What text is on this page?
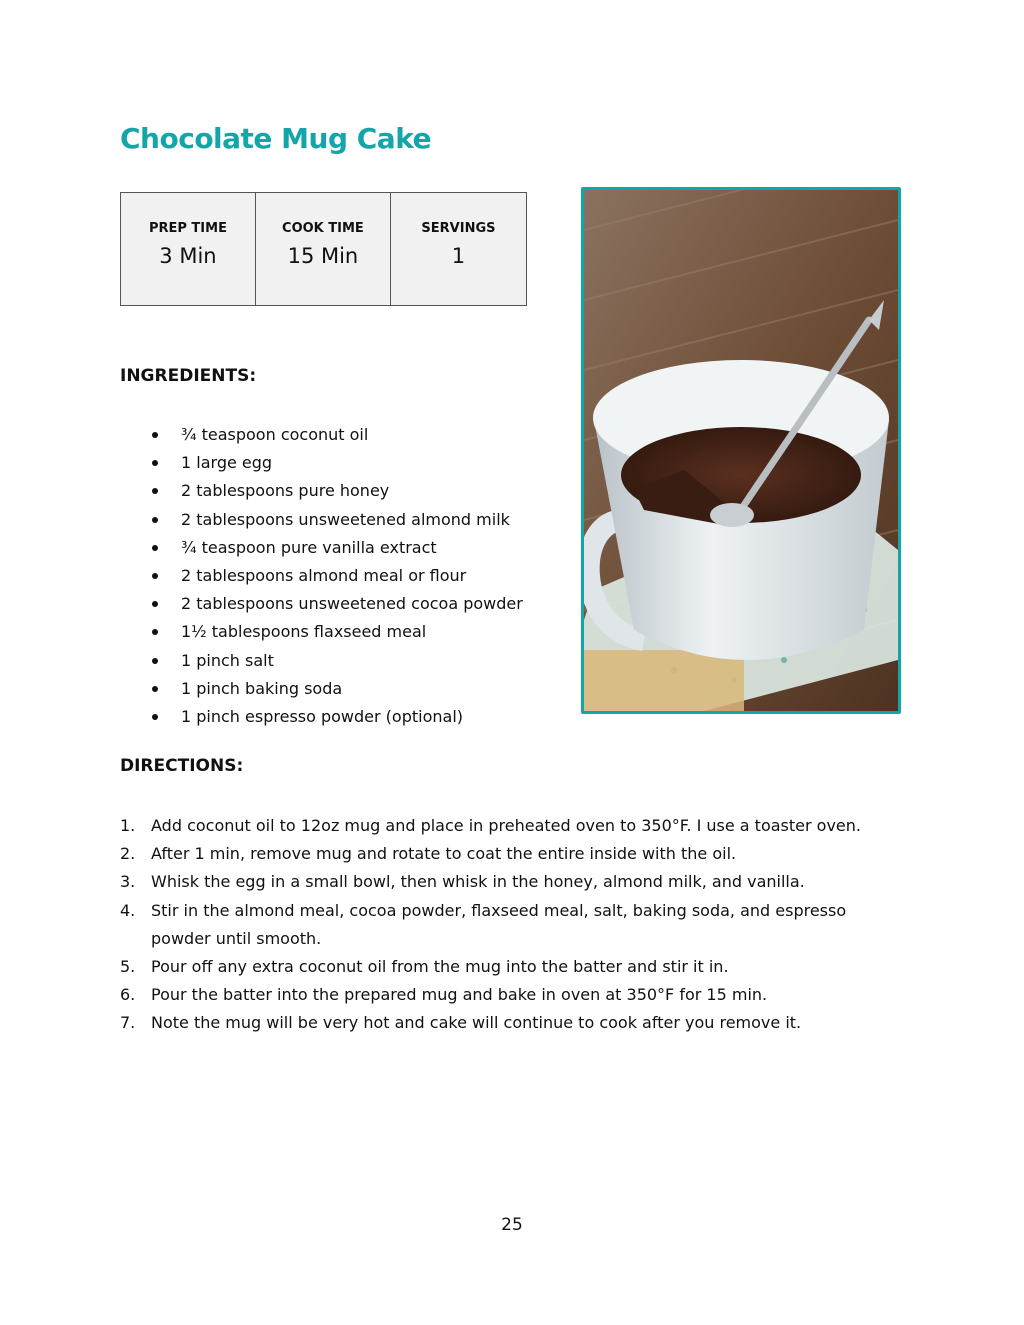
Chocolate Mug Cake
PREP TIME
3 Min

COOK TIME
15 Min

SERVINGS
1
INGREDIENTS:
¾ teaspoon coconut oil
1 large egg
2 tablespoons pure honey
2 tablespoons unsweetened almond milk
¾ teaspoon pure vanilla extract
2 tablespoons almond meal or flour
2 tablespoons unsweetened cocoa powder
1½ tablespoons flaxseed meal
1 pinch salt
1 pinch baking soda
1 pinch espresso powder (optional)
DIRECTIONS:
1. Add coconut oil to 12oz mug and place in preheated oven to 350°F. I use a toaster oven.
2. After 1 min, remove mug and rotate to coat the entire inside with the oil.
3. Whisk the egg in a small bowl, then whisk in the honey, almond milk, and vanilla.
4. Stir in the almond meal, cocoa powder, flaxseed meal, salt, baking soda, and espresso powder until smooth.
5. Pour off any extra coconut oil from the mug into the batter and stir it in.
6. Pour the batter into the prepared mug and bake in oven at 350°F for 15 min.
7. Note the mug will be very hot and cake will continue to cook after you remove it.
25
